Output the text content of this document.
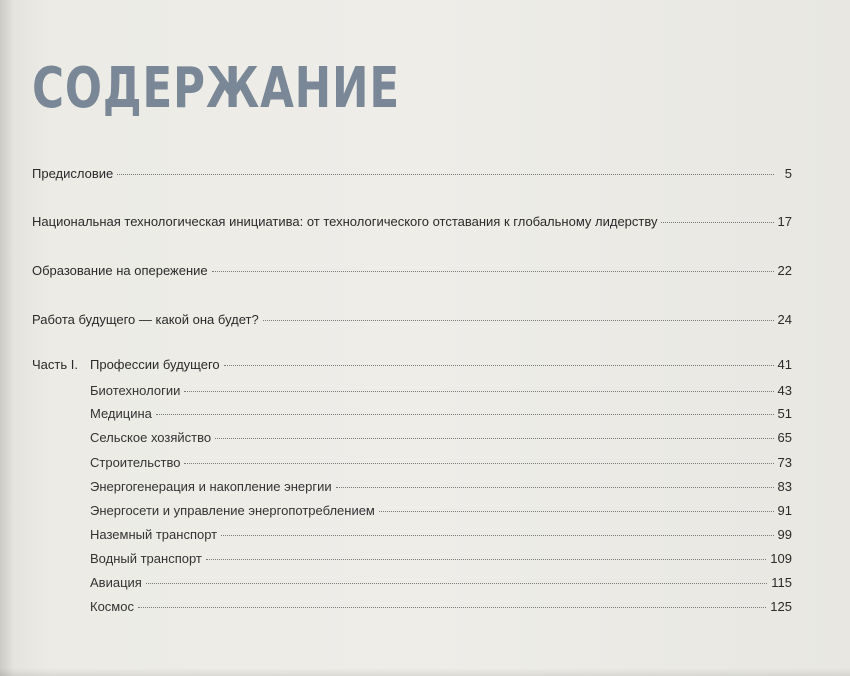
СОДЕРЖАНИЕ
Предисловие	5
Национальная технологическая инициатива: от технологического отставания к глобальному лидерству	17
Образование на опережение	22
Работа будущего — какой она будет?	24
Часть I. Профессии будущего	41
Биотехнологии	43
Медицина	51
Сельское хозяйство	65
Строительство	73
Энергогенерация и накопление энергии	83
Энергосети и управление энергопотреблением	91
Наземный транспорт	99
Водный транспорт	109
Авиация	115
Космос	125
